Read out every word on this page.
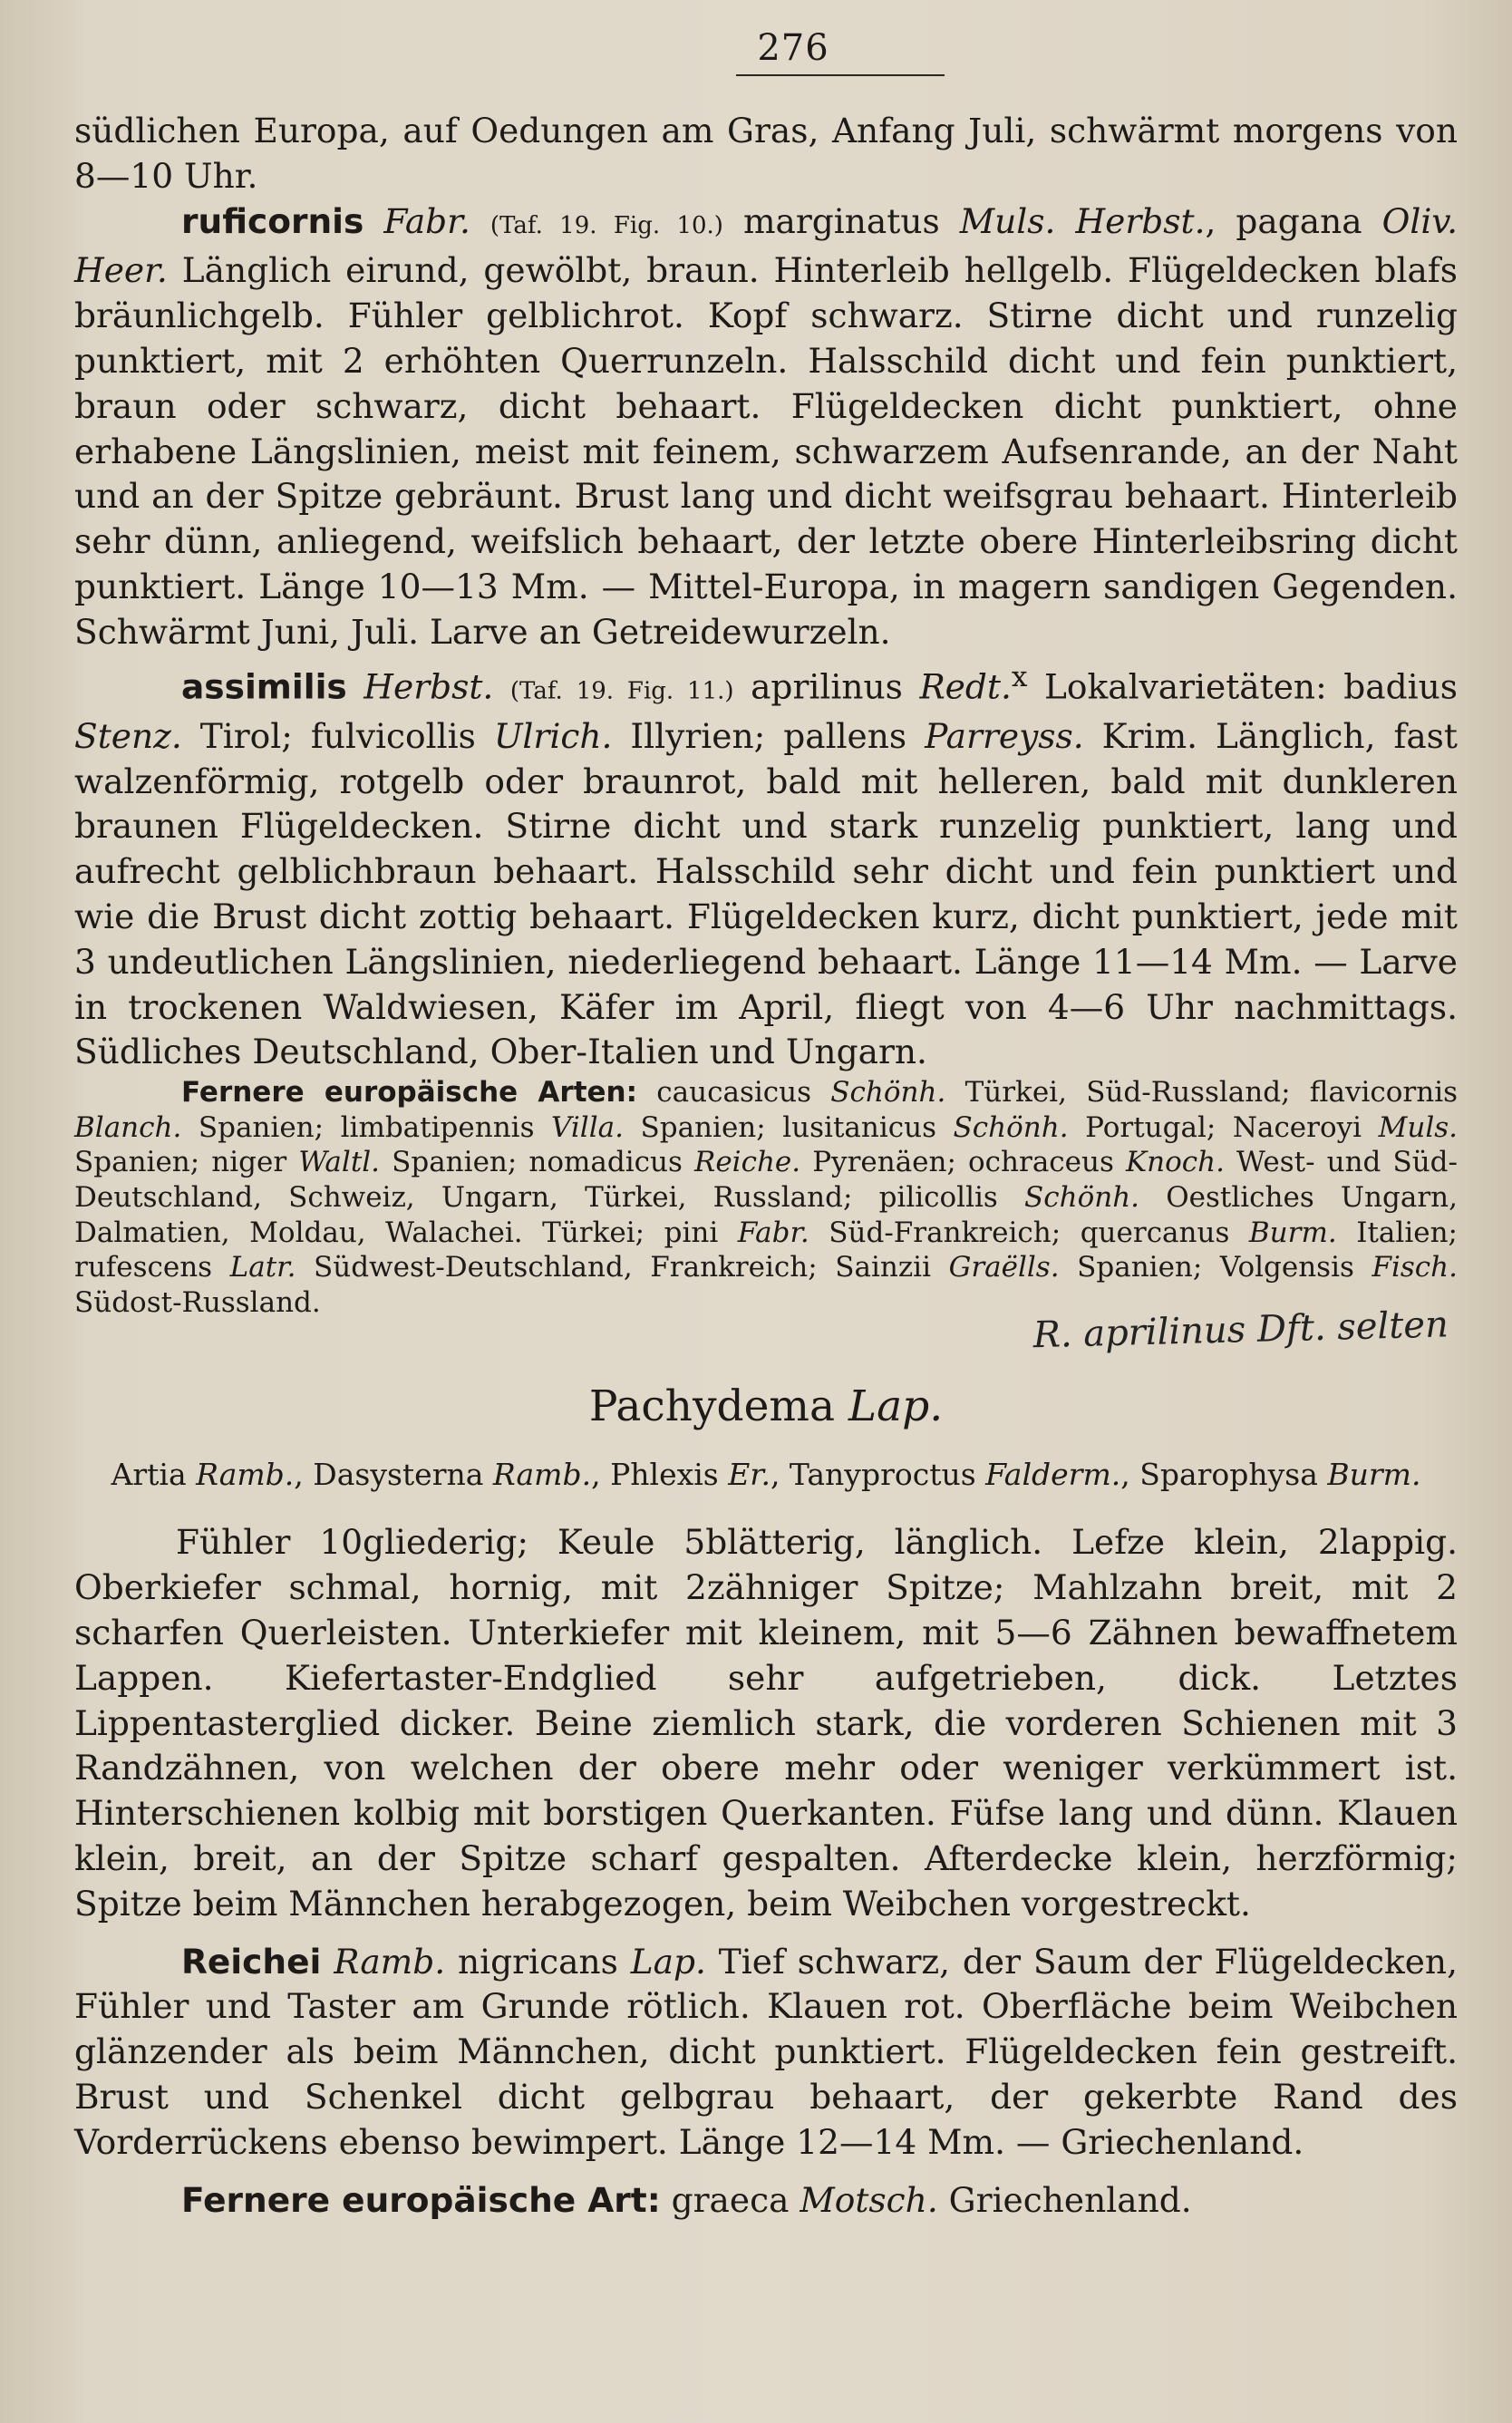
276

südlichen Europa, auf Oedungen am Gras, Anfang Juli, schwärmt morgens von 8—10 Uhr.

ruficornis Fabr. (Taf. 19. Fig. 10.) marginatus Muls. Herbst., pagana Oliv. Heer. Länglich eirund, gewölbt, braun. Hinterleib hellgelb. Flügeldecken blafs bräunlichgelb. Fühler gelblichrot. Kopf schwarz. Stirne dicht und runzelig punktiert, mit 2 erhöhten Querrunzeln. Halsschild dicht und fein punktiert, braun oder schwarz, dicht behaart. Flügeldecken dicht punktiert, ohne erhabene Längslinien, meist mit feinem, schwarzem Aufsenrande, an der Naht und an der Spitze gebräunt. Brust lang und dicht weifsgrau behaart. Hinterleib sehr dünn, anliegend, weifslich behaart, der letzte obere Hinterleibsring dicht punktiert. Länge 10—13 Mm. — Mittel-Europa, in magern sandigen Gegenden. Schwärmt Juni, Juli. Larve an Getreidewurzeln.

assimilis Herbst. (Taf. 19. Fig. 11.) aprilinus Redt.$^x$ Lokalvarietäten: badius Stenz. Tirol; fulvicollis Ulrich. Illyrien; pallens Parreyss. Krim. Länglich, fast walzenförmig, rotgelb oder braunrot, bald mit helleren, bald mit dunkleren braunen Flügeldecken. Stirne dicht und stark runzelig punktiert, lang und aufrecht gelblichbraun behaart. Halsschild sehr dicht und fein punktiert und wie die Brust dicht zottig behaart. Flügeldecken kurz, dicht punktiert, jede mit 3 undeutlichen Längslinien, niederliegend behaart. Länge 11—14 Mm. — Larve in trockenen Waldwiesen, Käfer im April, fliegt von 4—6 Uhr nachmittags. Südliches Deutschland, Ober-Italien und Ungarn.

Fernere europäische Arten: caucasicus Schönh. Türkei, Süd-Russland; flavicornis Blanch. Spanien; limbatipennis Villa. Spanien; lusitanicus Schönh. Portugal; Naceroyi Muls. Spanien; niger Waltl. Spanien; nomadicus Reiche. Pyrenäen; ochraceus Knoch. West- und Süd-Deutschland, Schweiz, Ungarn, Türkei, Russland; pilicollis Schönh. Oestliches Ungarn, Dalmatien, Moldau, Walachei. Türkei; pini Fabr. Süd-Frankreich; quercanus Burm. Italien; rufescens Latr. Südwest-Deutschland, Frankreich; Sainzii Graëlls. Spanien; Volgensis Fisch. Südost-Russland.

R. aprilinus Dft. selten
Pachydema Lap.

Artia Ramb., Dasysterna Ramb., Phlexis Er., Tanyproctus Falderm., Sparophysa Burm.

Fühler 10gliederig; Keule 5blätterig, länglich. Lefze klein, 2lappig. Oberkiefer schmal, hornig, mit 2zähniger Spitze; Mahlzahn breit, mit 2 scharfen Querleisten. Unterkiefer mit kleinem, mit 5—6 Zähnen bewaffnetem Lappen. Kiefertaster-Endglied sehr aufgetrieben, dick. Letztes Lippentasterglied dicker. Beine ziemlich stark, die vorderen Schienen mit 3 Randzähnen, von welchen der obere mehr oder weniger verkümmert ist. Hinterschienen kolbig mit borstigen Querkanten. Füfse lang und dünn. Klauen klein, breit, an der Spitze scharf gespalten. Afterdecke klein, herzförmig; Spitze beim Männchen herabgezogen, beim Weibchen vorgestreckt.

Reichei Ramb. nigricans Lap. Tief schwarz, der Saum der Flügeldecken, Fühler und Taster am Grunde rötlich. Klauen rot. Oberfläche beim Weibchen glänzender als beim Männchen, dicht punktiert. Flügeldecken fein gestreift. Brust und Schenkel dicht gelbgrau behaart, der gekerbte Rand des Vorderrückens ebenso bewimpert. Länge 12—14 Mm. — Griechenland.

Fernere europäische Art: graeca Motsch. Griechenland.
